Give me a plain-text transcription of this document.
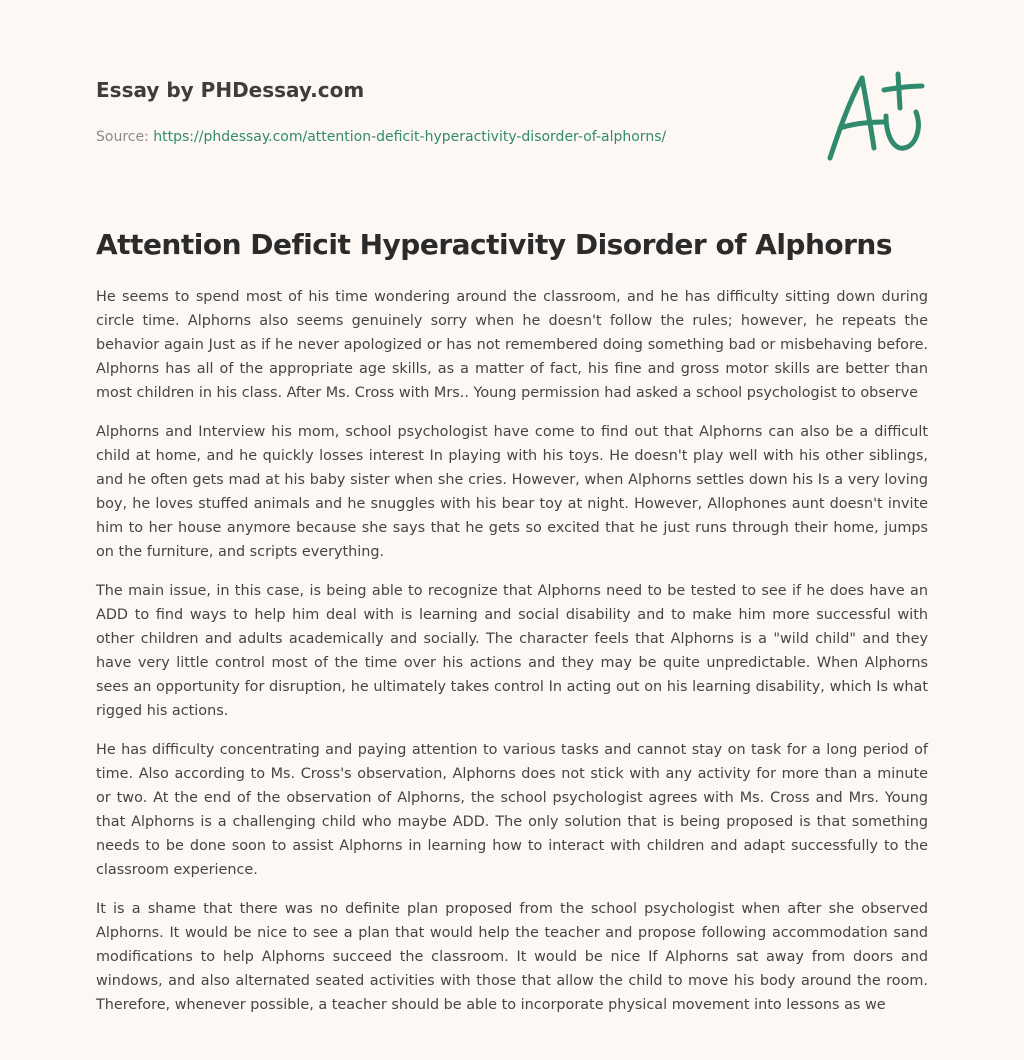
Essay by PHDessay.com
Source: https://phdessay.com/attention-deficit-hyperactivity-disorder-of-alphorns/
Attention Deficit Hyperactivity Disorder of Alphorns

He seems to spend most of his time wondering around the classroom, and he has difficulty sitting down during circle time. Alphorns also seems genuinely sorry when he doesn't follow the rules; however, he repeats the behavior again Just as if he never apologized or has not remembered doing something bad or misbehaving before. Alphorns has all of the appropriate age skills, as a matter of fact, his fine and gross motor skills are better than most children in his class. After Ms. Cross with Mrs.. Young permission had asked a school psychologist to observe

Alphorns and Interview his mom, school psychologist have come to find out that Alphorns can also be a difficult child at home, and he quickly losses interest In playing with his toys. He doesn't play well with his other siblings, and he often gets mad at his baby sister when she cries. However, when Alphorns settles down his Is a very loving boy, he loves stuffed animals and he snuggles with his bear toy at night. However, Allophones aunt doesn't invite him to her house anymore because she says that he gets so excited that he just runs through their home, jumps on the furniture, and scripts everything.

The main issue, in this case, is being able to recognize that Alphorns need to be tested to see if he does have an ADD to find ways to help him deal with is learning and social disability and to make him more successful with other children and adults academically and socially. The character feels that Alphorns is a "wild child" and they have very little control most of the time over his actions and they may be quite unpredictable. When Alphorns sees an opportunity for disruption, he ultimately takes control In acting out on his learning disability, which Is what rigged his actions.

He has difficulty concentrating and paying attention to various tasks and cannot stay on task for a long period of time. Also according to Ms. Cross's observation, Alphorns does not stick with any activity for more than a minute or two. At the end of the observation of Alphorns, the school psychologist agrees with Ms. Cross and Mrs. Young that Alphorns is a challenging child who maybe ADD. The only solution that is being proposed is that something needs to be done soon to assist Alphorns in learning how to interact with children and adapt successfully to the classroom experience.

It is a shame that there was no definite plan proposed from the school psychologist when after she observed Alphorns. It would be nice to see a plan that would help the teacher and propose following accommodation sand modifications to help Alphorns succeed the classroom. It would be nice If Alphorns sat away from doors and windows, and also alternated seated activities with those that allow the child to move his body around the room. Therefore, whenever possible, a teacher should be able to incorporate physical movement into lessons as we
